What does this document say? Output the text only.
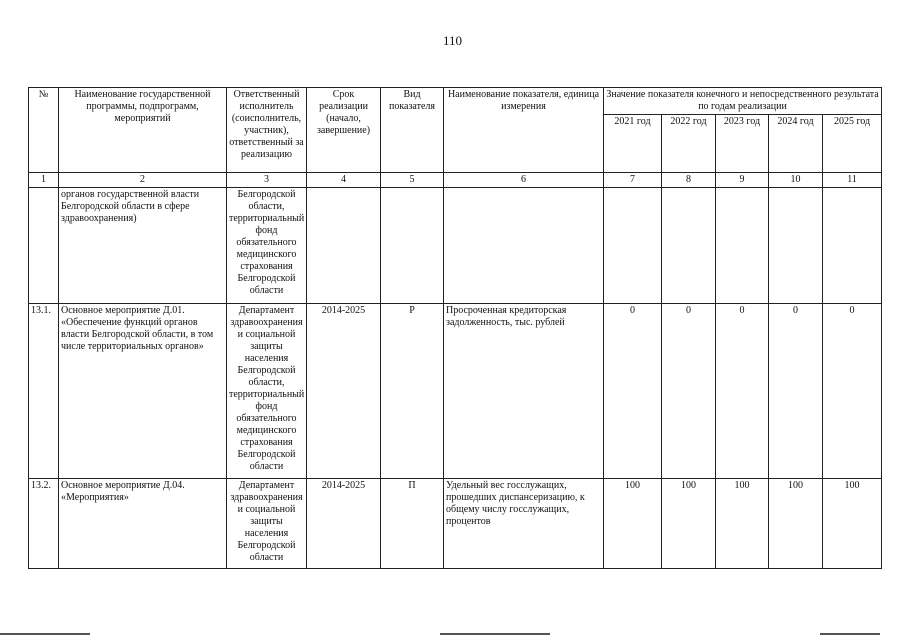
110
№	Наименование государственной программы, подпрограмм, мероприятий	Ответственный исполнитель (соисполнитель, участник), ответственный за реализацию	Срок реализации (начало, завершение)	Вид показателя	Наименование показателя, единица измерения	Значение показателя конечного и непосредственного результата по годам реализации				
						2021 год	2022 год	2023 год	2024 год	2025 год
1	2	3	4	5	6	7	8	9	10	11
	органов государственной власти Белгородской области в сфере здравоохранения)	Белгородской области, территориальный фонд обязательного медицинского страхования Белгородской области								
13.1.	Основное мероприятие Д.01. «Обеспечение функций органов власти Белгородской области, в том числе территориальных органов»	Департамент здравоохранения и социальной защиты населения Белгородской области, территориальный фонд обязательного медицинского страхования Белгородской области	2014-2025	Р	Просроченная кредиторская задолженность, тыс. рублей	0	0	0	0	0
13.2.	Основное мероприятие Д.04. «Мероприятия»	Департамент здравоохранения и социальной защиты населения Белгородской области	2014-2025	П	Удельный вес госслужащих, прошедших диспансеризацию, к общему числу госслужащих, процентов	100	100	100	100	100
